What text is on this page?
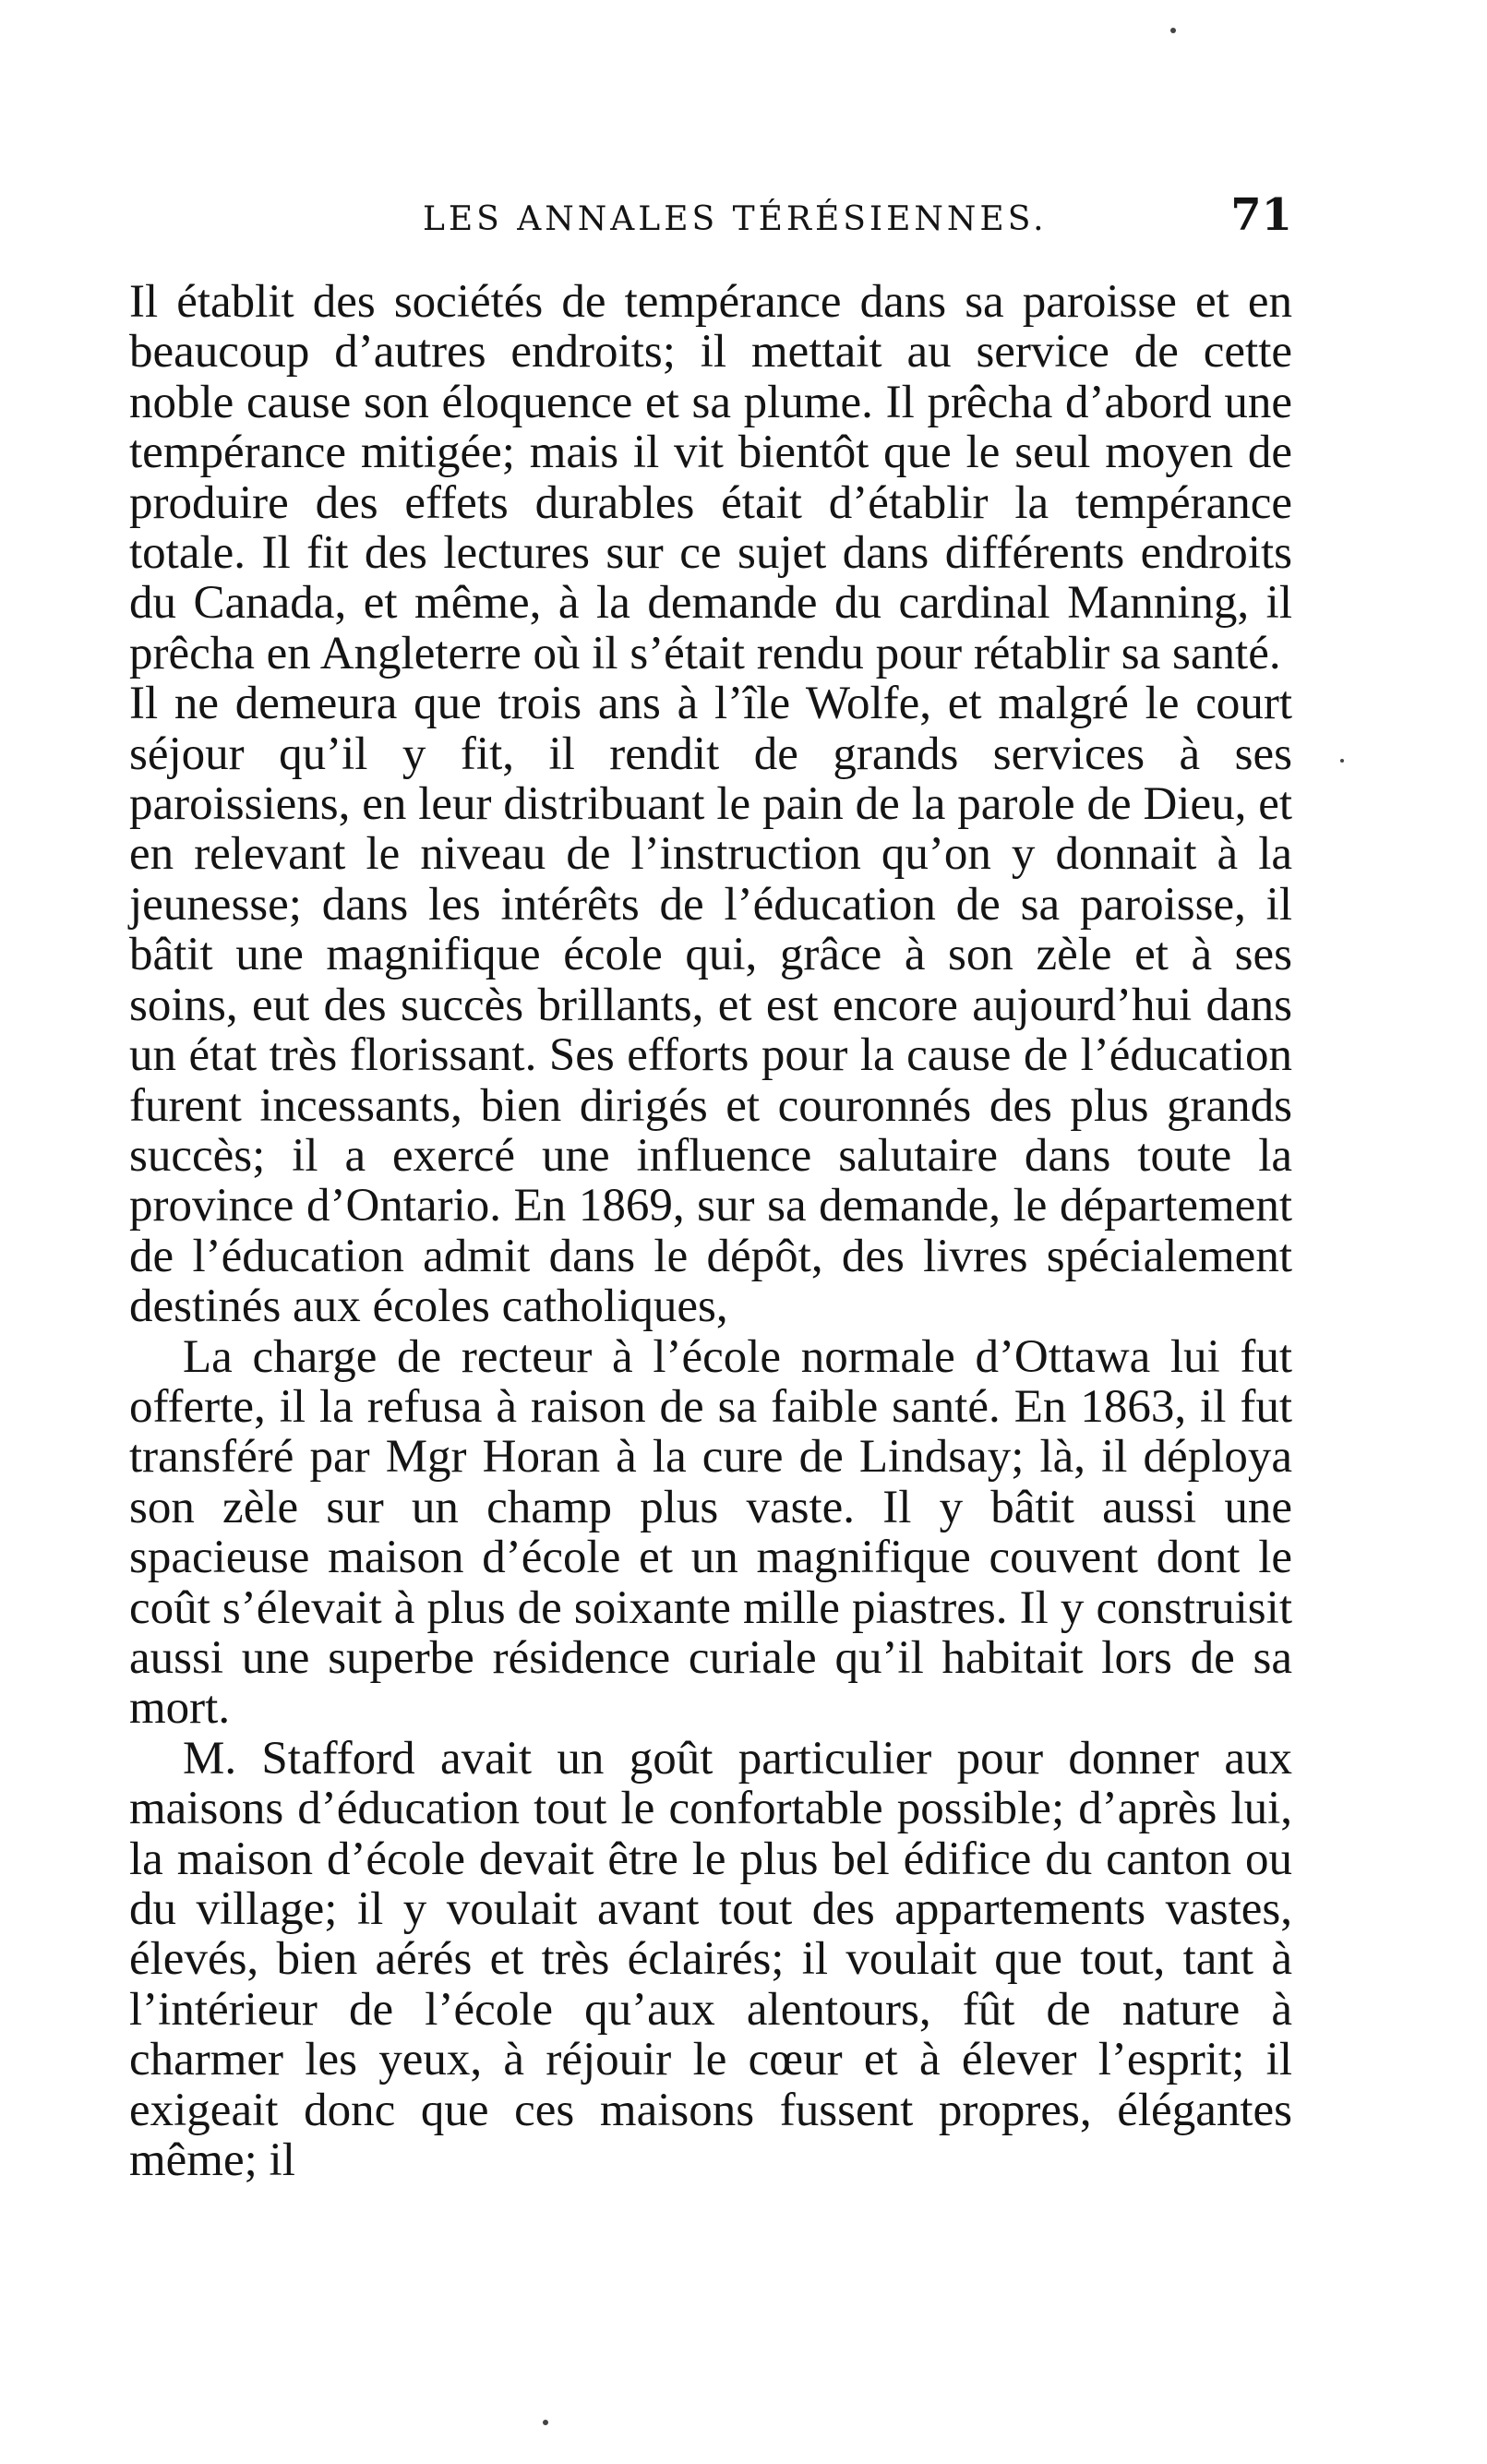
LES ANNALES TÉRÉSIENNES.	71

Il établit des sociétés de tempérance dans sa paroisse et en beaucoup d’autres endroits; il mettait au service de cette noble cause son éloquence et sa plume. Il prêcha d’abord une tempérance mitigée; mais il vit bientôt que le seul moyen de produire des effets durables était d’établir la tempérance totale. Il fit des lectures sur ce sujet dans différents endroits du Canada, et même, à la demande du cardinal Manning, il prêcha en Angleterre où il s’était rendu pour rétablir sa santé.

Il ne demeura que trois ans à l’île Wolfe, et malgré le court séjour qu’il y fit, il rendit de grands services à ses paroissiens, en leur distribuant le pain de la parole de Dieu, et en relevant le niveau de l’instruction qu’on y donnait à la jeunesse; dans les intérêts de l’éducation de sa paroisse, il bâtit une magnifique école qui, grâce à son zèle et à ses soins, eut des succès brillants, et est encore aujourd’hui dans un état très florissant. Ses efforts pour la cause de l’éducation furent incessants, bien dirigés et couronnés des plus grands succès; il a exercé une influence salutaire dans toute la province d’Ontario. En 1869, sur sa demande, le département de l’éducation admit dans le dépôt, des livres spécialement destinés aux écoles catholiques,

La charge de recteur à l’école normale d’Ottawa lui fut offerte, il la refusa à raison de sa faible santé. En 1863, il fut transféré par Mgr Horan à la cure de Lindsay; là, il déploya son zèle sur un champ plus vaste. Il y bâtit aussi une spacieuse maison d’école et un magnifique couvent dont le coût s’élevait à plus de soixante mille piastres. Il y construisit aussi une superbe résidence curiale qu’il habitait lors de sa mort.

M. Stafford avait un goût particulier pour donner aux maisons d’éducation tout le confortable possible; d’après lui, la maison d’école devait être le plus bel édifice du canton ou du village; il y voulait avant tout des appartements vastes, élevés, bien aérés et très éclairés; il voulait que tout, tant à l’intérieur de l’école qu’aux alentours, fût de nature à charmer les yeux, à réjouir le cœur et à élever l’esprit; il exigeait donc que ces maisons fussent propres, élégantes même; il
